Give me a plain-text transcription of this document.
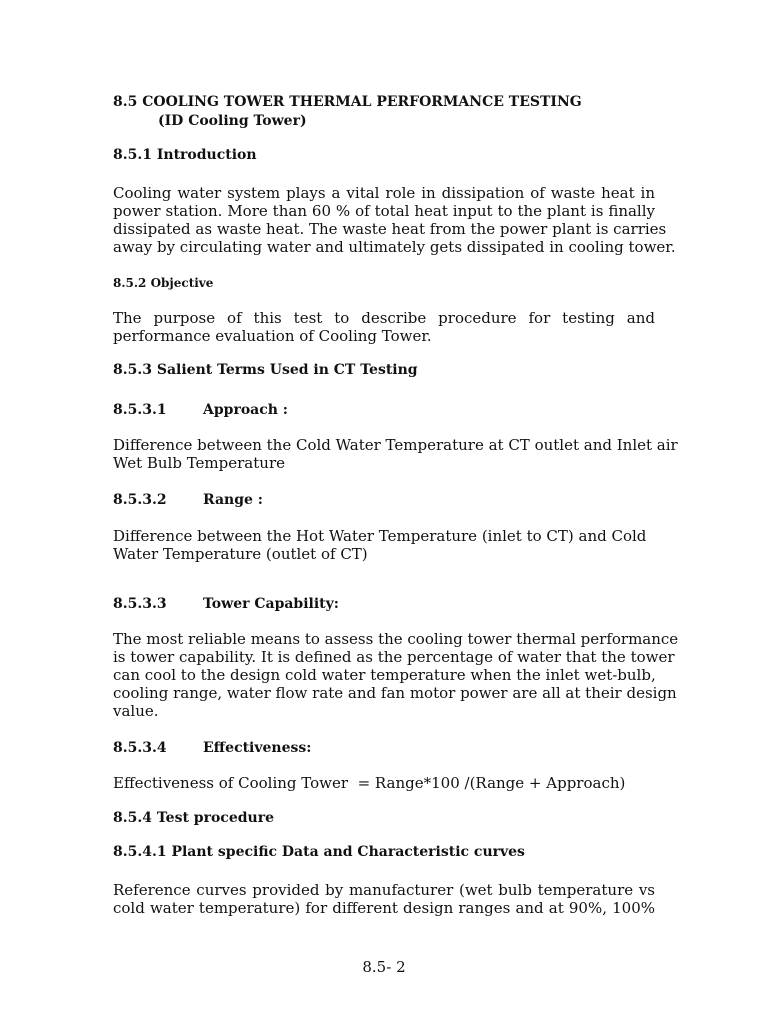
8.5 COOLING TOWER THERMAL PERFORMANCE TESTING

(ID Cooling Tower)

8.5.1 Introduction

Cooling water system plays a vital role in dissipation of waste heat in
power station. More than 60 % of total heat input to the plant is finally
dissipated as waste heat. The waste heat from the power plant is carries
away by circulating water and ultimately gets dissipated in cooling tower.

8.5.2 Objective

The purpose of this test to describe procedure for testing and
performance evaluation of Cooling Tower.

8.5.3 Salient Terms Used in CT Testing

8.5.3.1	Approach :

Difference between the Cold Water Temperature at CT outlet and Inlet air
Wet Bulb Temperature

8.5.3.2	Range :

Difference between the Hot Water Temperature (inlet to CT) and Cold
Water Temperature (outlet of CT)

8.5.3.3	Tower Capability:

The most reliable means to assess the cooling tower thermal performance
is tower capability. It is defined as the percentage of water that the tower
can cool to the design cold water temperature when the inlet wet-bulb,
cooling range, water flow rate and fan motor power are all at their design
value.

8.5.3.4	Effectiveness:

Effectiveness of Cooling Tower  = Range*100 /(Range + Approach)

8.5.4 Test procedure

8.5.4.1 Plant specific Data and Characteristic curves

Reference curves provided by manufacturer (wet bulb temperature vs
cold water temperature) for different design ranges and at 90%, 100%
8.5- 2
